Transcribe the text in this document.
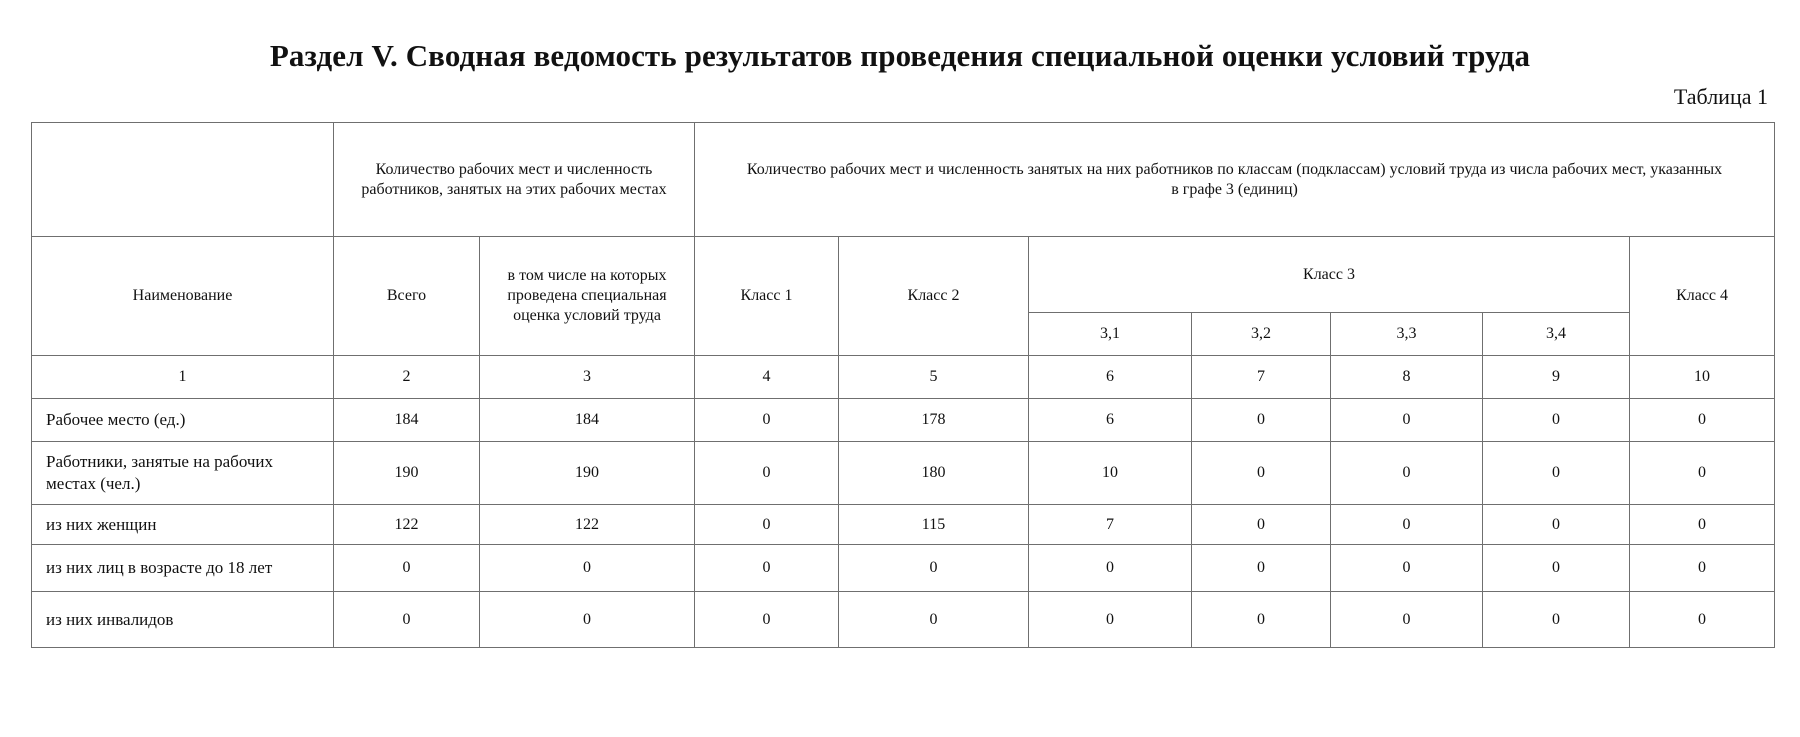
Раздел V. Сводная ведомость результатов проведения специальной оценки условий труда
Таблица 1
	Количество рабочих мест и численность работников, занятых на этих рабочих местах		Количество рабочих мест и численность занятых на них работников по классам (подклассам) условий труда из числа рабочих мест, указанных в графе 3 (единиц)						
Наименование	Всего	в том числе на которых проведена специальная оценка условий труда	Класс 1	Класс 2	Класс 3				Класс 4
					3,1	3,2	3,3	3,4	
1	2	3	4	5	6	7	8	9	10
Рабочее место (ед.)	184	184	0	178	6	0	0	0	0
Работники, занятые на рабочих местах (чел.)	190	190	0	180	10	0	0	0	0
из них женщин	122	122	0	115	7	0	0	0	0
из них лиц в возрасте до 18 лет	0	0	0	0	0	0	0	0	0
из них инвалидов	0	0	0	0	0	0	0	0	0
